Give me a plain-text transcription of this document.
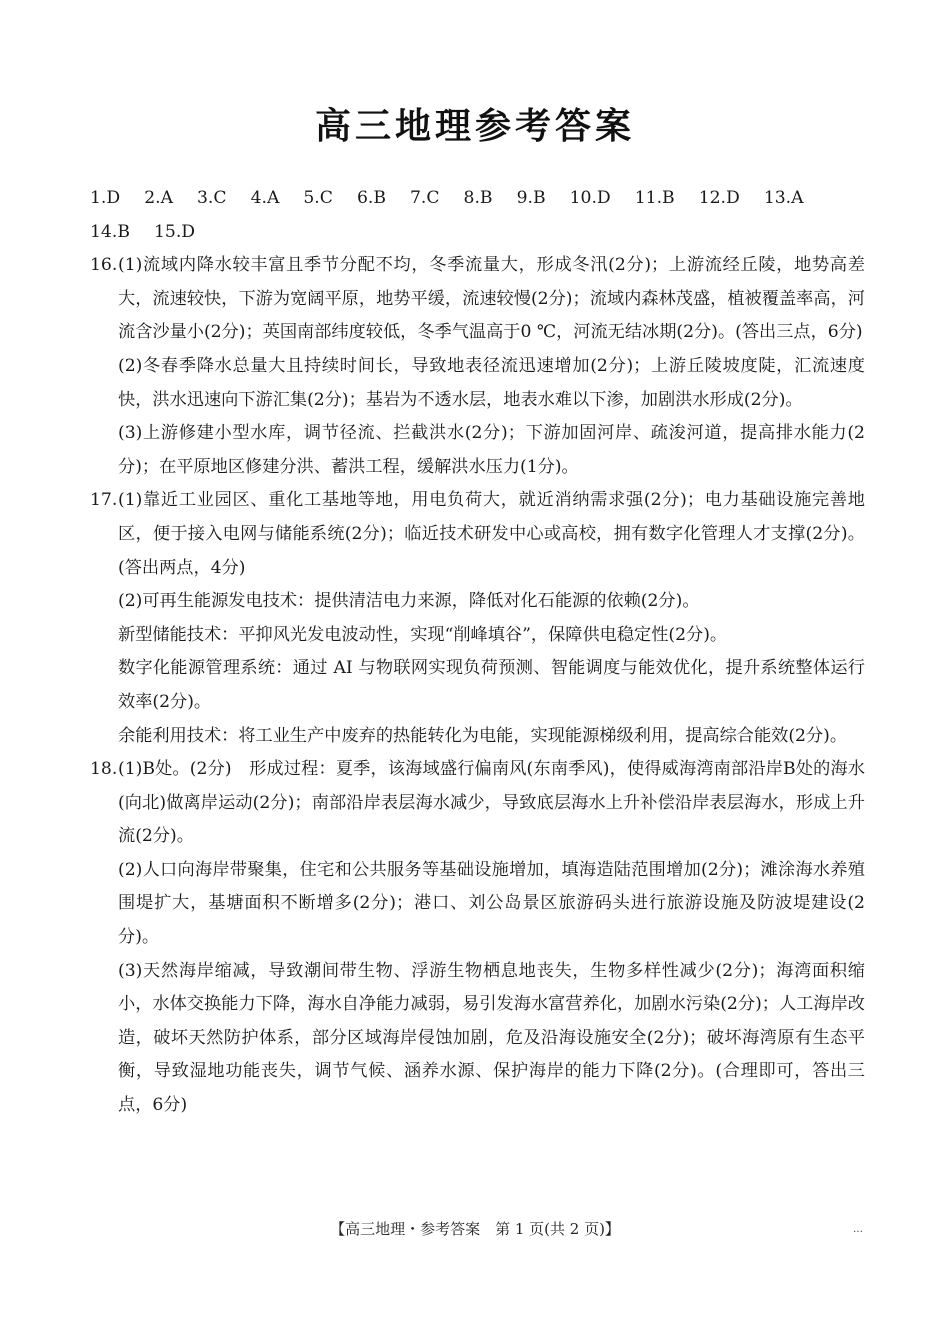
高三地理参考答案
1.D 2.A 3.C 4.A 5.C 6.B 7.C 8.B 9.B 10.D 11.B 12.D 13.A
14.B 15.D
16. (1)流域内降水较丰富且季节分配不均，冬季流量大，形成冬汛(2分)；上游流经丘陵，地势高差大，流速较快，下游为宽阔平原，地势平缓，流速较慢(2分)；流域内森林茂盛，植被覆盖率高，河流含沙量小(2分)；英国南部纬度较低，冬季气温高于0 ℃，河流无结冰期(2分)。(答出三点，6分)
(2)冬春季降水总量大且持续时间长，导致地表径流迅速增加(2分)；上游丘陵坡度陡，汇流速度快，洪水迅速向下游汇集(2分)；基岩为不透水层，地表水难以下渗，加剧洪水形成(2分)。
(3)上游修建小型水库，调节径流、拦截洪水(2分)；下游加固河岸、疏浚河道，提高排水能力(2分)；在平原地区修建分洪、蓄洪工程，缓解洪水压力(1分)。
17. (1)靠近工业园区、重化工基地等地，用电负荷大，就近消纳需求强(2分)；电力基础设施完善地区，便于接入电网与储能系统(2分)；临近技术研发中心或高校，拥有数字化管理人才支撑(2分)。(答出两点，4分)
(2)可再生能源发电技术：提供清洁电力来源，降低对化石能源的依赖(2分)。
新型储能技术：平抑风光发电波动性，实现“削峰填谷”，保障供电稳定性(2分)。
数字化能源管理系统：通过 AI 与物联网实现负荷预测、智能调度与能效优化，提升系统整体运行效率(2分)。
余能利用技术：将工业生产中废弃的热能转化为电能，实现能源梯级利用，提高综合能效(2分)。
18. (1)B处。(2分)　形成过程：夏季，该海域盛行偏南风(东南季风)，使得威海湾南部沿岸B处的海水(向北)做离岸运动(2分)；南部沿岸表层海水减少，导致底层海水上升补偿沿岸表层海水，形成上升流(2分)。
(2)人口向海岸带聚集，住宅和公共服务等基础设施增加，填海造陆范围增加(2分)；滩涂海水养殖围堤扩大，基塘面积不断增多(2分)；港口、刘公岛景区旅游码头进行旅游设施及防波堤建设(2分)。
(3)天然海岸缩减，导致潮间带生物、浮游生物栖息地丧失，生物多样性减少(2分)；海湾面积缩小，水体交换能力下降，海水自净能力减弱，易引发海水富营养化，加剧水污染(2分)；人工海岸改造，破坏天然防护体系，部分区域海岸侵蚀加剧，危及沿海设施安全(2分)；破坏海湾原有生态平衡，导致湿地功能丧失，调节气候、涵养水源、保护海岸的能力下降(2分)。(合理即可，答出三点，6分)
【高三地理・参考答案　第 1 页(共 2 页)】	…
